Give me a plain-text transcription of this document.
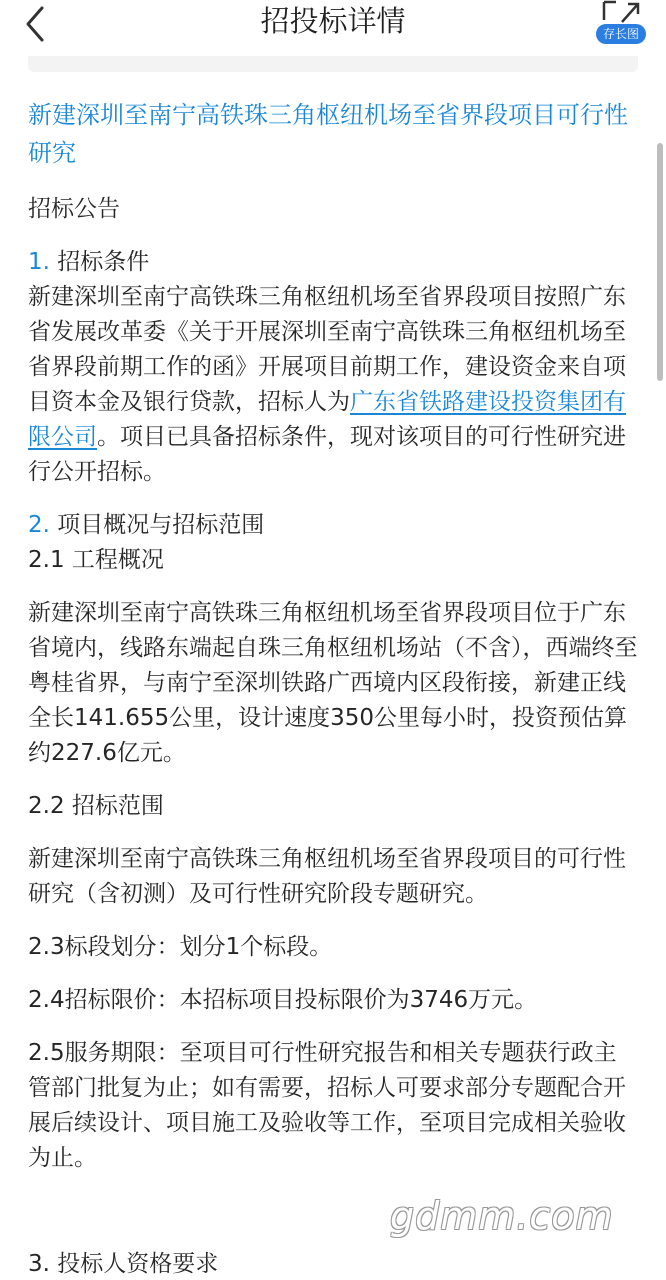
招投标详情	存长图

新建深圳至南宁高铁珠三角枢纽机场至省界段项目可行性研究

招标公告

1. 招标条件

新建深圳至南宁高铁珠三角枢纽机场至省界段项目按照广东省发展改革委《关于开展深圳至南宁高铁珠三角枢纽机场至省界段前期工作的函》开展项目前期工作，建设资金来自项目资本金及银行贷款，招标人为广东省铁路建设投资集团有限公司。项目已具备招标条件，现对该项目的可行性研究进行公开招标。

2. 项目概况与招标范围

2.1 工程概况

新建深圳至南宁高铁珠三角枢纽机场至省界段项目位于广东省境内，线路东端起自珠三角枢纽机场站（不含），西端终至粤桂省界，与南宁至深圳铁路广西境内区段衔接，新建正线全长141.655公里，设计速度350公里每小时，投资预估算约227.6亿元。

2.2 招标范围

新建深圳至南宁高铁珠三角枢纽机场至省界段项目的可行性研究（含初测）及可行性研究阶段专题研究。

2.3标段划分：划分1个标段。

2.4招标限价：本招标项目投标限价为3746万元。

2.5服务期限：至项目可行性研究报告和相关专题获行政主管部门批复为止；如有需要，招标人可要求部分专题配合开展后续设计、项目施工及验收等工作，至项目完成相关验收为止。

3. 投标人资格要求
gdmm.com
